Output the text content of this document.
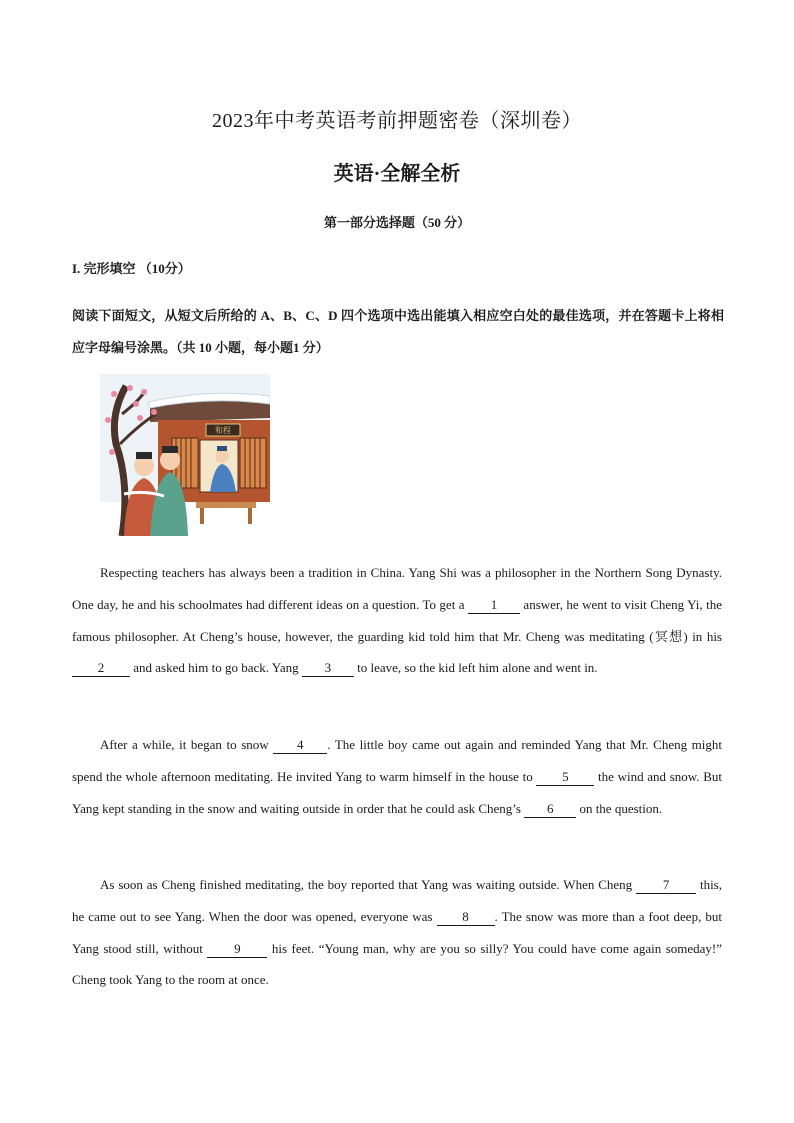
2023年中考英语考前押题密卷（深圳卷）
英语·全解全析
第一部分选择题（50 分）
I. 完形填空 （10分）
阅读下面短文，从短文后所给的 A、B、C、D 四个选项中选出能填入相应空白处的最佳选项，并在答题卡上将相应字母编号涂黑。（共 10 小题，每小题1 分）
和程

Respecting teachers has always been a tradition in China. Yang Shi was a philosopher in the Northern Song Dynasty. One day, he and his schoolmates had different ideas on a question. To get a 1 answer, he went to visit Cheng Yi, the famous philosopher. At Cheng’s house, however, the guarding kid told him that Mr. Cheng was meditating (冥想) in his 2 and asked him to go back. Yang 3 to leave, so the kid left him alone and went in.

After a while, it began to snow 4 . The little boy came out again and reminded Yang that Mr. Cheng might spend the whole afternoon meditating. He invited Yang to warm himself in the house to 5 the wind and snow. But Yang kept standing in the snow and waiting outside in order that he could ask Cheng’s 6 on the question.

As soon as Cheng finished meditating, the boy reported that Yang was waiting outside. When Cheng 7 this, he came out to see Yang. When the door was opened, everyone was 8 . The snow was more than a foot deep, but Yang stood still, without 9 his feet. “Young man, why are you so silly? You could have come again someday!” Cheng took Yang to the room at once.
